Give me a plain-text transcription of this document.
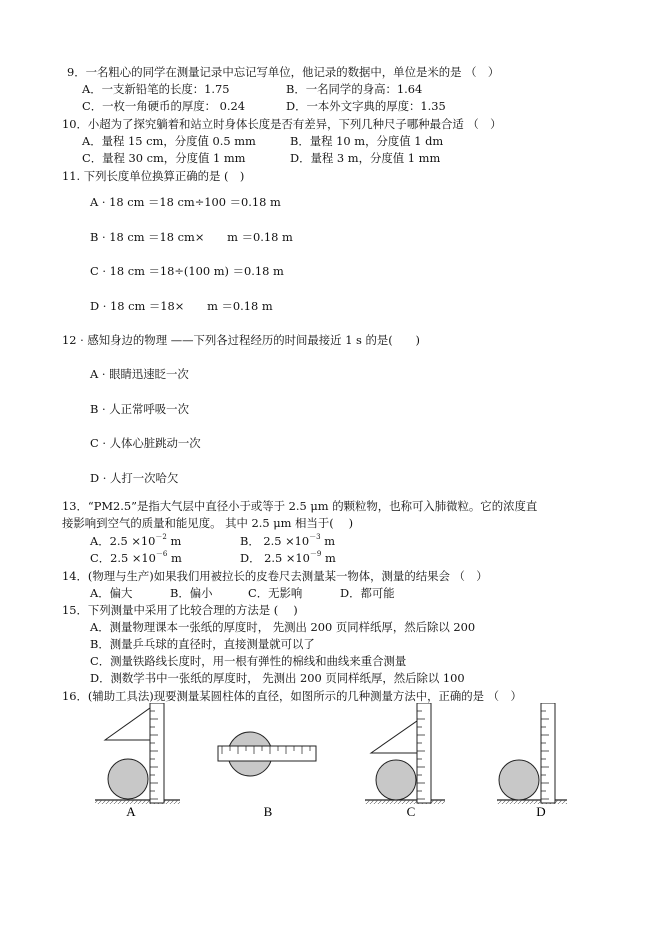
9．一名粗心的同学在测量记录中忘记写单位，他记录的数据中，单位是米的是 （　）
A．一支新铅笔的长度：1.75	B．一名同学的身高：1.64
C．一枚一角硬币的厚度： 0.24	D．一本外文字典的厚度：1.35
10．小超为了探究躺着和站立时身体长度是否有差异，下列几种尺子哪种最合适 （　）
A．量程 15 cm，分度值 0.5 mm	B．量程 10 m，分度值 1 dm
C．量程 30 cm，分度值 1 mm	D．量程 3 m，分度值 1 mm
11. 下列长度单位换算正确的是 (　)
A · 18 cm ＝18 cm÷100 ＝0.18 m
B · 18 cm ＝18 cm×　　m ＝0.18 m
C · 18 cm ＝18÷(100 m) ＝0.18 m
D · 18 cm ＝18×　　m ＝0.18 m
12 · 感知身边的物理 ——下列各过程经历的时间最接近 1 s 的是(　　)
A · 眼睛迅速眨一次
B · 人正常呼吸一次
C · 人体心脏跳动一次
D · 人打一次哈欠
13．“PM2.5”是指大气层中直径小于或等于 2.5 μm 的颗粒物，也称可入肺微粒。它的浓度直
接影响到空气的质量和能见度。 其中 2.5 μm 相当于(　 )
A．$2.5 \times 10^{-2}$ m	B． $2.5 \times 10^{-3}$ m
C．$2.5 \times 10^{-6}$ m	D． $2.5 \times 10^{-9}$ m
14．(物理与生产)如果我们用被拉长的皮卷尺去测量某一物体，测量的结果会 （　）
A．偏大	B．偏小	C．无影响	D．都可能
15．下列测量中采用了比较合理的方法是 (　 )
A．测量物理课本一张纸的厚度时， 先测出 200 页同样纸厚，然后除以 200
B．测量乒乓球的直径时，直接测量就可以了
C．测量铁路线长度时，用一根有弹性的棉线和曲线来重合测量
D．测数学书中一张纸的厚度时， 先测出 200 页同样纸厚，然后除以 100
16．(辅助工具法)现要测量某圆柱体的直径，如图所示的几种测量方法中，正确的是 （　）
A	B	C	D
